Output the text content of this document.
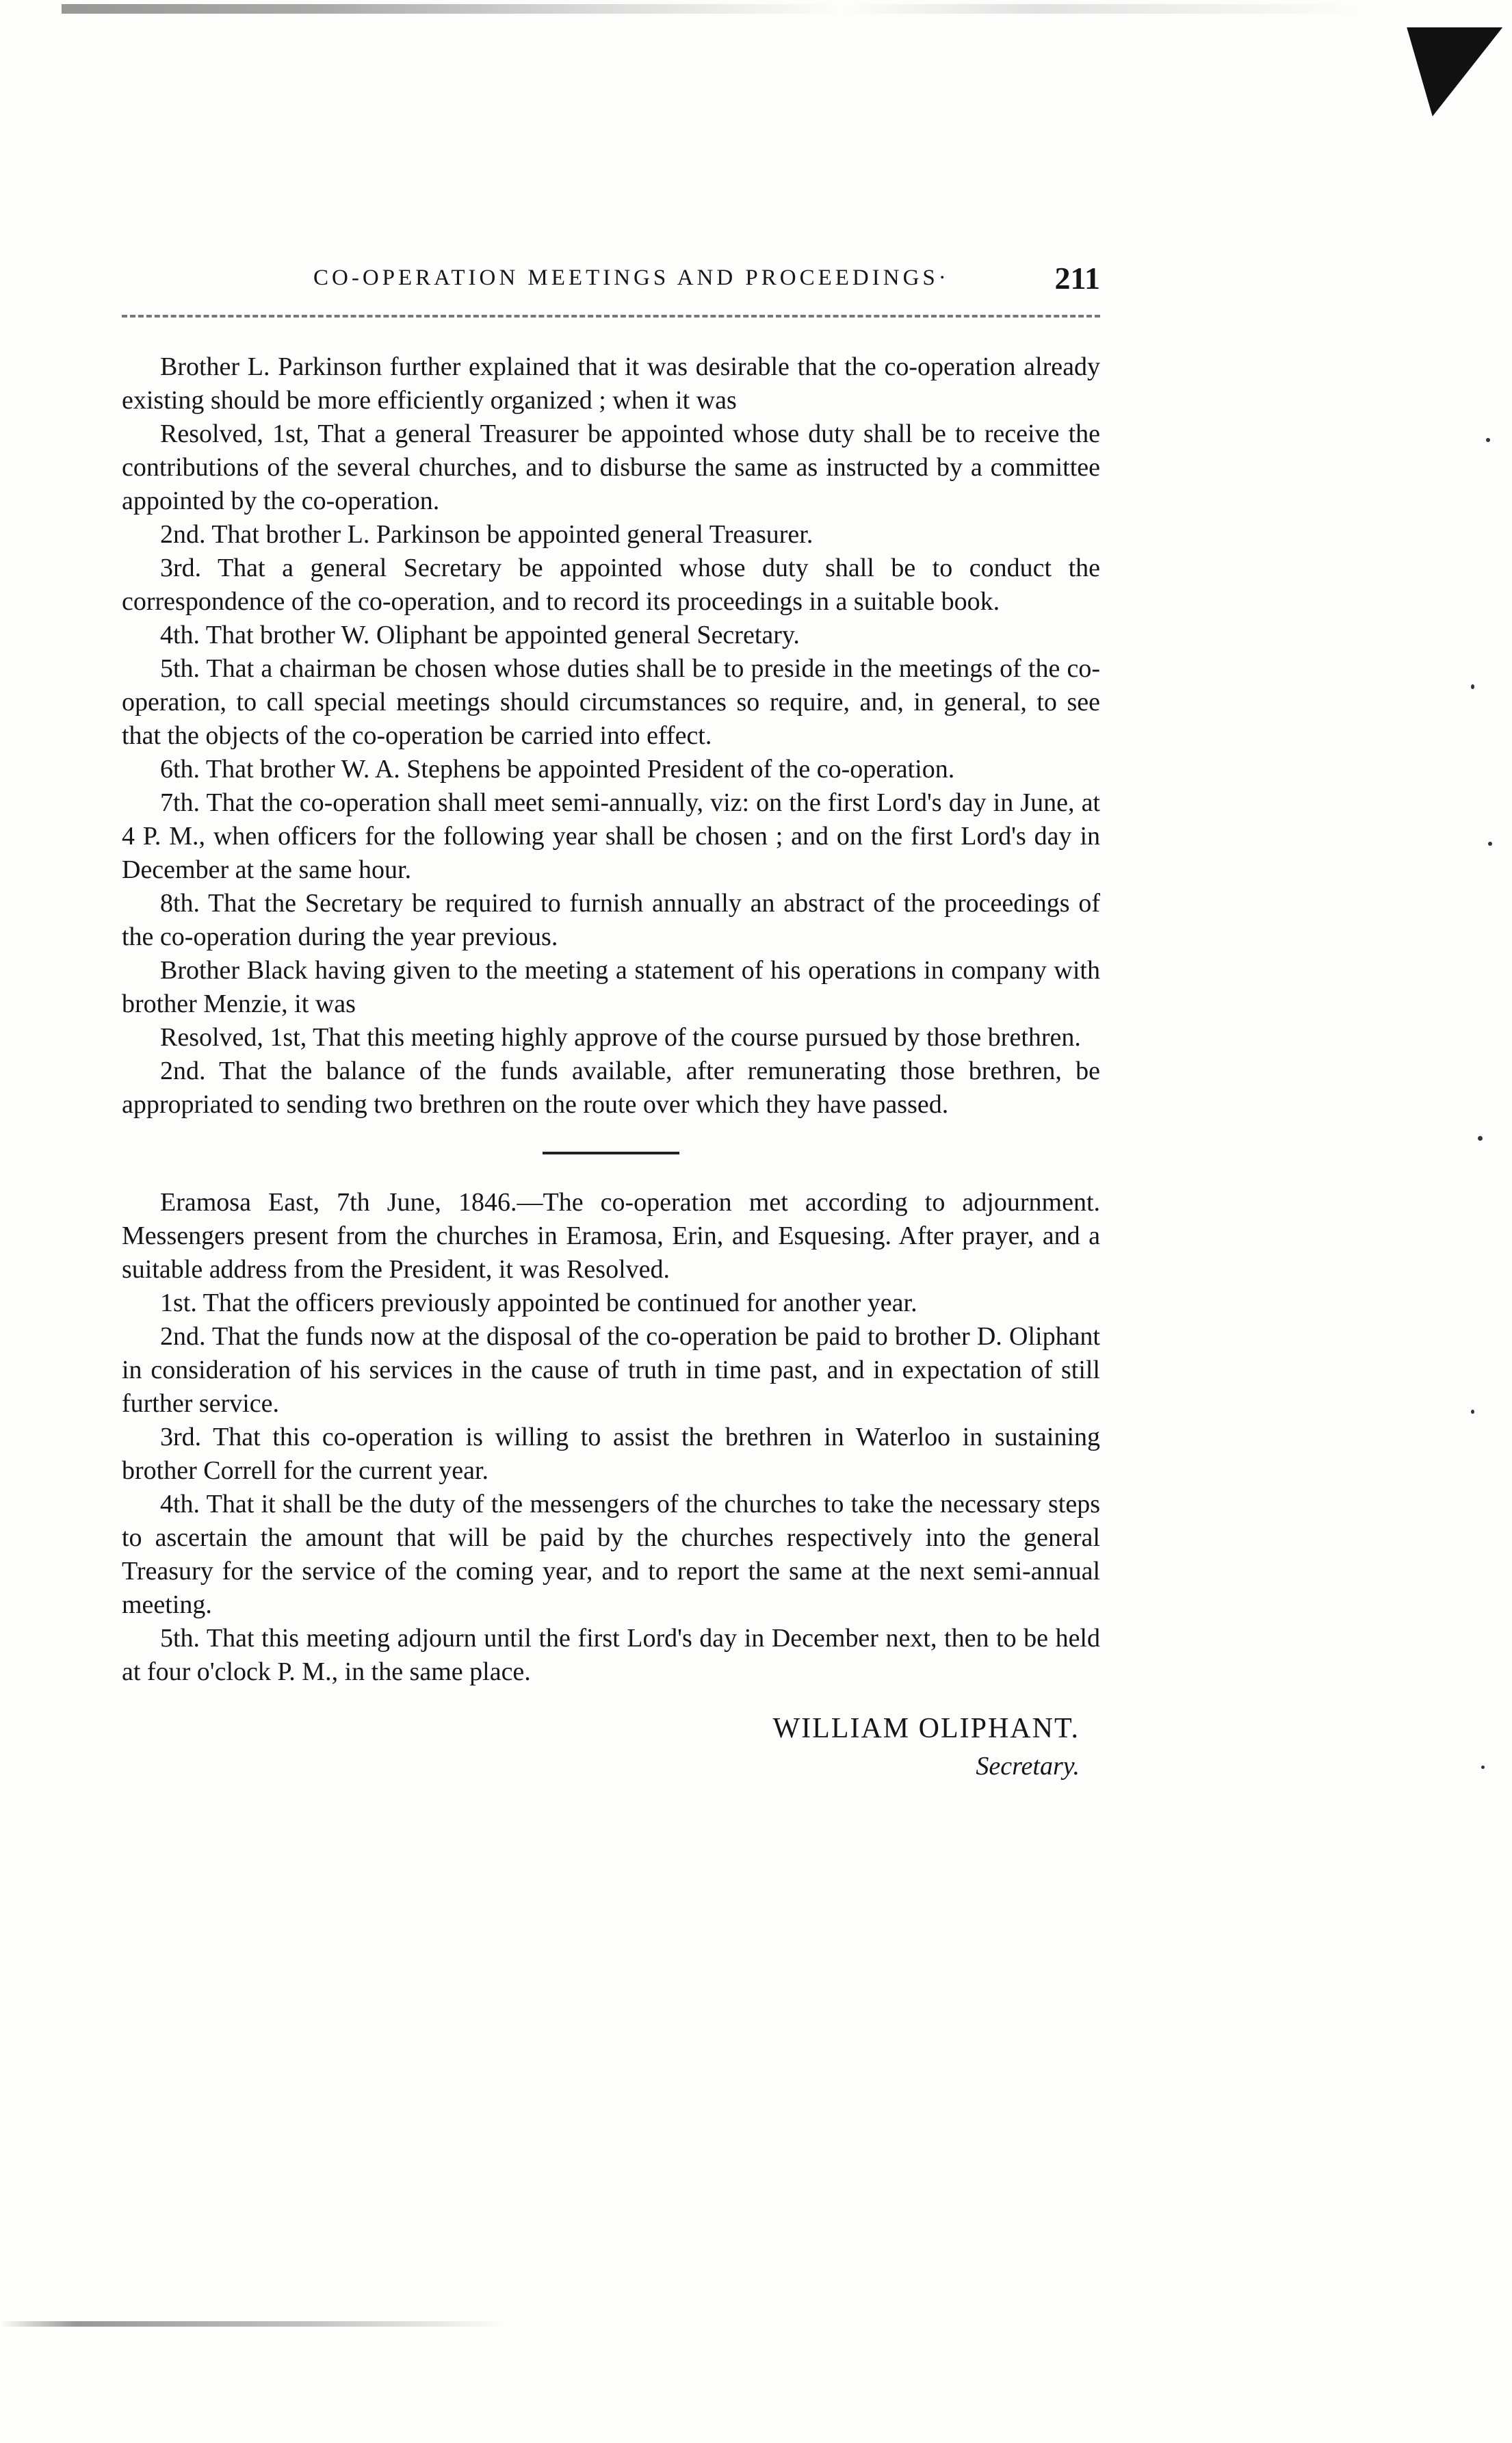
CO-OPERATION MEETINGS AND PROCEEDINGS·	211

Brother L. Parkinson further explained that it was desirable that the co-operation already existing should be more efficiently organized ; when it was

Resolved, 1st, That a general Treasurer be appointed whose duty shall be to receive the contributions of the several churches, and to disburse the same as instructed by a committee appointed by the co-operation.

2nd. That brother L. Parkinson be appointed general Treasurer.

3rd. That a general Secretary be appointed whose duty shall be to conduct the correspondence of the co-operation, and to record its proceedings in a suitable book.

4th. That brother W. Oliphant be appointed general Secretary.

5th. That a chairman be chosen whose duties shall be to preside in the meetings of the co-operation, to call special meetings should circumstances so require, and, in general, to see that the objects of the co-operation be carried into effect.

6th. That brother W. A. Stephens be appointed President of the co-operation.

7th. That the co-operation shall meet semi-annually, viz: on the first Lord's day in June, at 4 P. M., when officers for the following year shall be chosen ; and on the first Lord's day in December at the same hour.

8th. That the Secretary be required to furnish annually an abstract of the proceedings of the co-operation during the year previous.

Brother Black having given to the meeting a statement of his operations in company with brother Menzie, it was

Resolved, 1st, That this meeting highly approve of the course pursued by those brethren.

2nd. That the balance of the funds available, after remunerating those brethren, be appropriated to sending two brethren on the route over which they have passed.

Eramosa East, 7th June, 1846.—The co-operation met according to adjournment. Messengers present from the churches in Eramosa, Erin, and Esquesing. After prayer, and a suitable address from the President, it was Resolved.

1st. That the officers previously appointed be continued for another year.

2nd. That the funds now at the disposal of the co-operation be paid to brother D. Oliphant in consideration of his services in the cause of truth in time past, and in expectation of still further service.

3rd. That this co-operation is willing to assist the brethren in Waterloo in sustaining brother Correll for the current year.

4th. That it shall be the duty of the messengers of the churches to take the necessary steps to ascertain the amount that will be paid by the churches respectively into the general Treasury for the service of the coming year, and to report the same at the next semi-annual meeting.

5th. That this meeting adjourn until the first Lord's day in December next, then to be held at four o'clock P. M., in the same place.

WILLIAM OLIPHANT.
Secretary.
